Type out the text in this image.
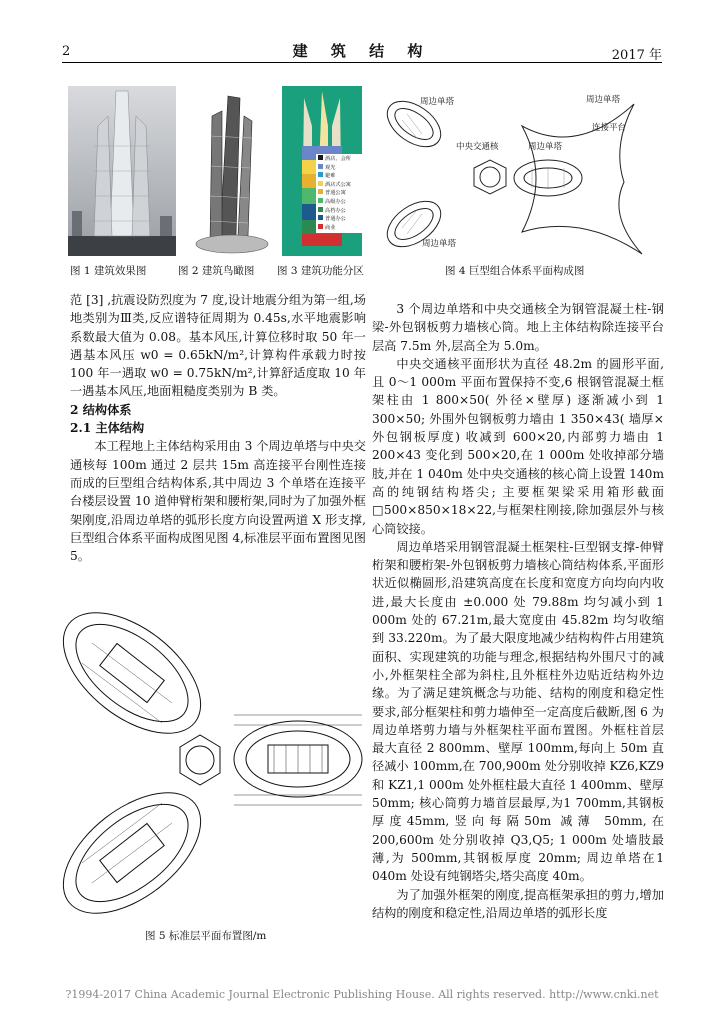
2	建 筑 结 构	2017 年
图 1 建筑效果图	图 2 建筑鸟瞰图
酒店、会所
观光
避难
酒店式公寓
普通公寓
高级办公
高档办公
普通办公
商业
图 3 建筑功能分区
周边单塔	周边单塔
连接平台
中央交通核	周边单塔
周边单塔
图 4 巨型组合体系平面构成图

范 [3] ,抗震设防烈度为 7 度,设计地震分组为第一组,场地类别为Ⅲ类,反应谱特征周期为 0.45s,水平地震影响系数最大值为 0.08。基本风压,计算位移时取 50 年一遇基本风压 w0 = 0.65kN/m²,计算构件承载力时按 100 年一遇取 w0 = 0.75kN/m²,计算舒适度取 10 年一遇基本风压,地面粗糙度类别为 B 类。

2 结构体系

2.1 主体结构

本工程地上主体结构采用由 3 个周边单塔与中央交通核每 100m 通过 2 层共 15m 高连接平台刚性连接而成的巨型组合结构体系,其中周边 3 个单塔在连接平台楼层设置 10 道伸臂桁架和腰桁架,同时为了加强外框架刚度,沿周边单塔的弧形长度方向设置两道 X 形支撑,巨型组合体系平面构成图见图 4,标准层平面布置图见图 5。

图 5 标准层平面布置图/m

3 个周边单塔和中央交通核全为钢管混凝土柱-钢梁-外包钢板剪力墙核心筒。地上主体结构除连接平台层高 7.5m 外,层高全为 5.0m。

中央交通核平面形状为直径 48.2m 的圆形平面,且 0～1 000m 平面布置保持不变,6 根钢管混凝土框架柱由 1 800×50( 外径×壁厚) 逐渐减小到 1 300×50; 外围外包钢板剪力墙由 1 350×43( 墙厚×外包钢板厚度) 收减到 600×20,内部剪力墙由 1 200×43 变化到 500×20,在 1 000m 处收掉部分墙肢,并在 1 040m 处中央交通核的核心筒上设置 140m 高的纯钢结构塔尖; 主要框架梁采用箱形截面□500×850×18×22,与框架柱刚接,除加强层外与核心筒铰接。

周边单塔采用钢管混凝土框架柱-巨型钢支撑-伸臂桁架和腰桁架-外包钢板剪力墙核心筒结构体系,平面形状近似椭圆形,沿建筑高度在长度和宽度方向均向内收进,最大长度由 ±0.000 处 79.88m 均匀减小到 1 000m 处的 67.21m,最大宽度由 45.82m 均匀收缩到 33.220m。为了最大限度地减少结构构件占用建筑面积、实现建筑的功能与理念,根据结构外围尺寸的减小,外框架柱全部为斜柱,且外框柱外边贴近结构外边缘。为了满足建筑概念与功能、结构的刚度和稳定性要求,部分框架柱和剪力墙伸至一定高度后截断,图 6 为周边单塔剪力墙与外框架柱平面布置图。外框柱首层最大直径 2 800mm、壁厚 100mm,每向上 50m 直径减小 100mm,在 700,900m 处分别收掉 KZ6,KZ9 和 KZ1,1 000m 处外框柱最大直径 1 400mm、壁厚 50mm; 核心筒剪力墙首层最厚,为1 700mm,其钢板厚度45mm,竖向每隔50m 减薄 50mm,在 200,600m 处分别收掉 Q3,Q5; 1 000m 处墙肢最薄,为 500mm,其钢板厚度 20mm; 周边单塔在1 040m 处设有纯钢塔尖,塔尖高度 40m。

为了加强外框架的刚度,提高框架承担的剪力,增加结构的刚度和稳定性,沿周边单塔的弧形长度

?1994-2017 China Academic Journal Electronic Publishing House. All rights reserved. http://www.cnki.net
